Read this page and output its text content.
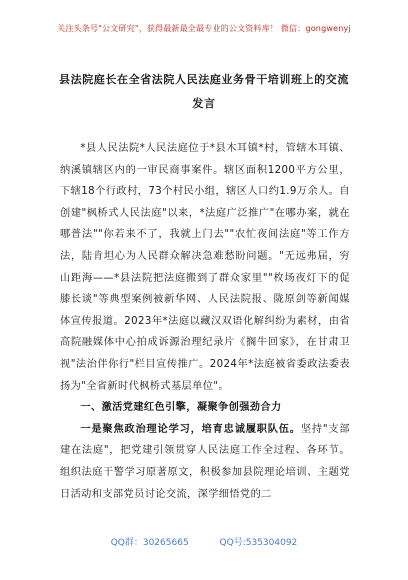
关注头条号"公文研究"，获得最新最全最专业的公文资料库！ 微信：gongwenyj
县法院庭长在全省法院人民法庭业务骨干培训班上的交流
发言

*县人民法院*人民法庭位于*县木耳镇*村，管辖木耳镇、纳溪镇辖区内的一审民商事案件。辖区面积1200平方公里，下辖18个行政村，73个村民小组，辖区人口约1.9万余人。自创建"枫桥式人民法庭"以来，*法庭广泛推广"在哪办案，就在哪普法""你若来不了，我就上门去""农忙夜间法庭"等工作方法，陆肯坦心为人民群众解决急难愁盼问题。"无远弗届，穷山距海——*县法院把法庭搬到了群众家里""枚场夜灯下的促膝长谈"等典型案例被新华网、人民法院报、陇原剑等新闻媒体宣传报道。2023年*法庭以藏汉双语化解纠纷为素材，由省高院融媒体中心拍成诉源治理纪录片《搁牛回家》，在甘肃卫视"法治伴你行"栏目宣传推广。2024年*法庭被省委政法委表扬为"全省新时代枫桥式基层单位"。

一、激活党建红色引擎，凝聚争创强劲合力

一是聚焦政治理论学习，培育忠诚履职队伍。坚持"支部建在法庭"，把党建引领贯穿人民法庭工作全过程、各环节。组织法庭干警学习原著原文，积极参加县院理论培训、主题党日活动和支部党员讨论交流，深学细悟党的二

QQ群：30265665	QQ号:535304092
